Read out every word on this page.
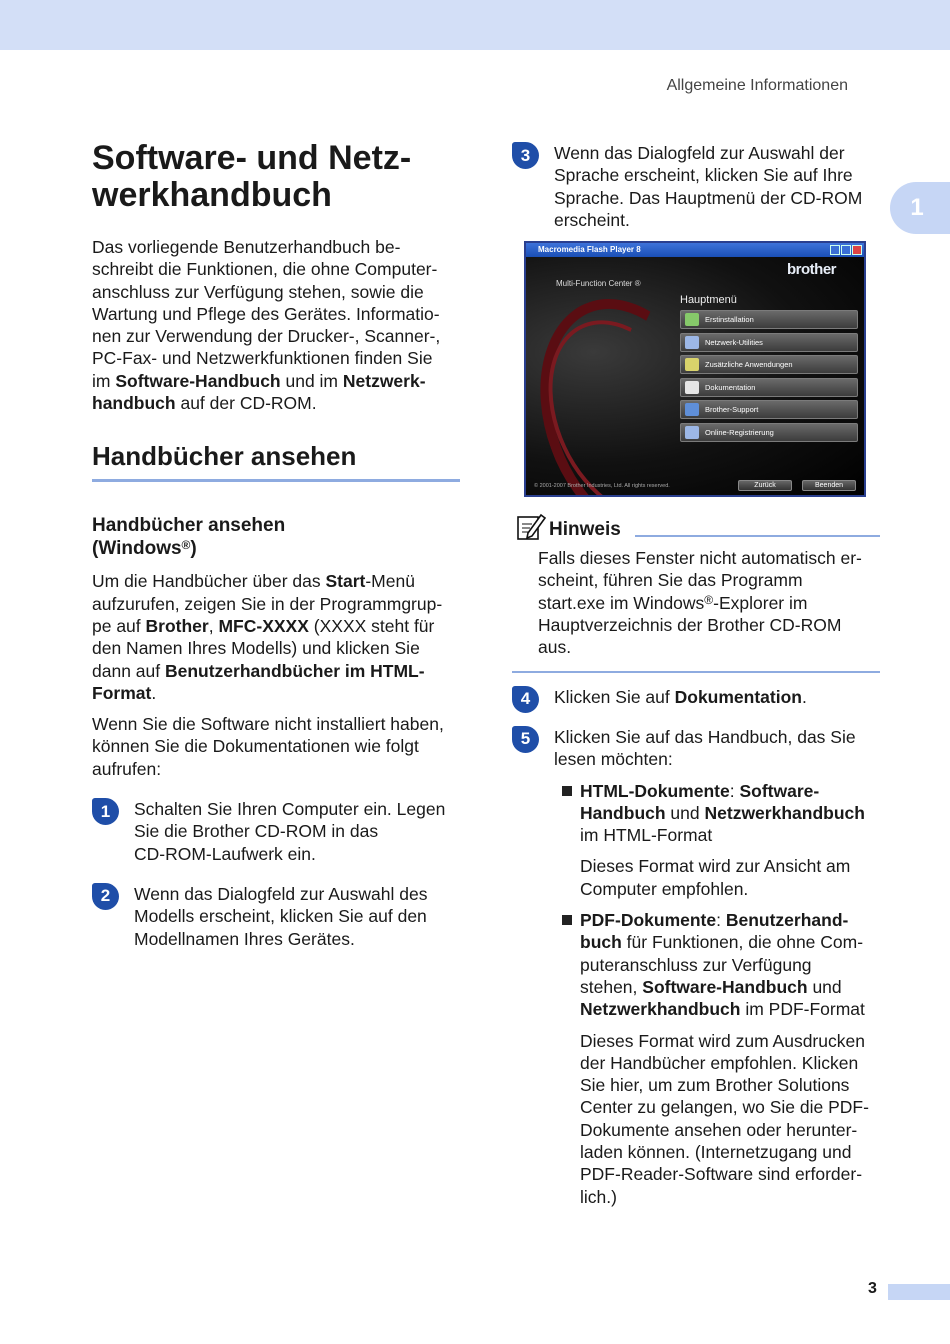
Allgemeine Informationen
1
Software- und Netz-
werkhandbuch

Das vorliegende Benutzerhandbuch be-
schreibt die Funktionen, die ohne Computer-
anschluss zur Verfügung stehen, sowie die
Wartung und Pflege des Gerätes. Informatio-
nen zur Verwendung der Drucker-, Scanner-,
PC-Fax- und Netzwerkfunktionen finden Sie
im Software-Handbuch und im Netzwerk-
handbuch auf der CD-ROM.

Handbücher ansehen
Handbücher ansehen
(Windows®)

Um die Handbücher über das Start-Menü
aufzurufen, zeigen Sie in der Programmgrup-
pe auf Brother, MFC-XXXX (XXXX steht für
den Namen Ihres Modells) und klicken Sie
dann auf Benutzerhandbücher im HTML-
Format.

Wenn Sie die Software nicht installiert haben,
können Sie die Dokumentationen wie folgt
aufrufen:

1	Schalten Sie Ihren Computer ein. Legen
Sie die Brother CD-ROM in das
CD-ROM-Laufwerk ein.

2	Wenn das Dialogfeld zur Auswahl des
Modells erscheint, klicken Sie auf den
Modellnamen Ihres Gerätes.

3	Wenn das Dialogfeld zur Auswahl der
Sprache erscheint, klicken Sie auf Ihre
Sprache. Das Hauptmenü der CD-ROM
erscheint.

Macromedia Flash Player 8
brother
Multi-Function Center ®
Hauptmenü
Erstinstallation
Netzwerk-Utilities
Zusätzliche Anwendungen
Dokumentation
Brother-Support
Online-Registrierung
© 2001-2007 Brother Industries, Ltd. All rights reserved.	Zurück	Beenden
Hinweis

Falls dieses Fenster nicht automatisch er-
scheint, führen Sie das Programm
start.exe im Windows®-Explorer im
Hauptverzeichnis der Brother CD-ROM
aus.

4	Klicken Sie auf Dokumentation.

5	Klicken Sie auf das Handbuch, das Sie
lesen möchten:

HTML-Dokumente: Software-
Handbuch und Netzwerkhandbuch
im HTML-Format

Dieses Format wird zur Ansicht am
Computer empfohlen.

PDF-Dokumente: Benutzerhand-
buch für Funktionen, die ohne Com-
puteranschluss zur Verfügung
stehen, Software-Handbuch und
Netzwerkhandbuch im PDF-Format

Dieses Format wird zum Ausdrucken
der Handbücher empfohlen. Klicken
Sie hier, um zum Brother Solutions
Center zu gelangen, wo Sie die PDF-
Dokumente ansehen oder herunter-
laden können. (Internetzugang und
PDF-Reader-Software sind erforder-
lich.)

3
